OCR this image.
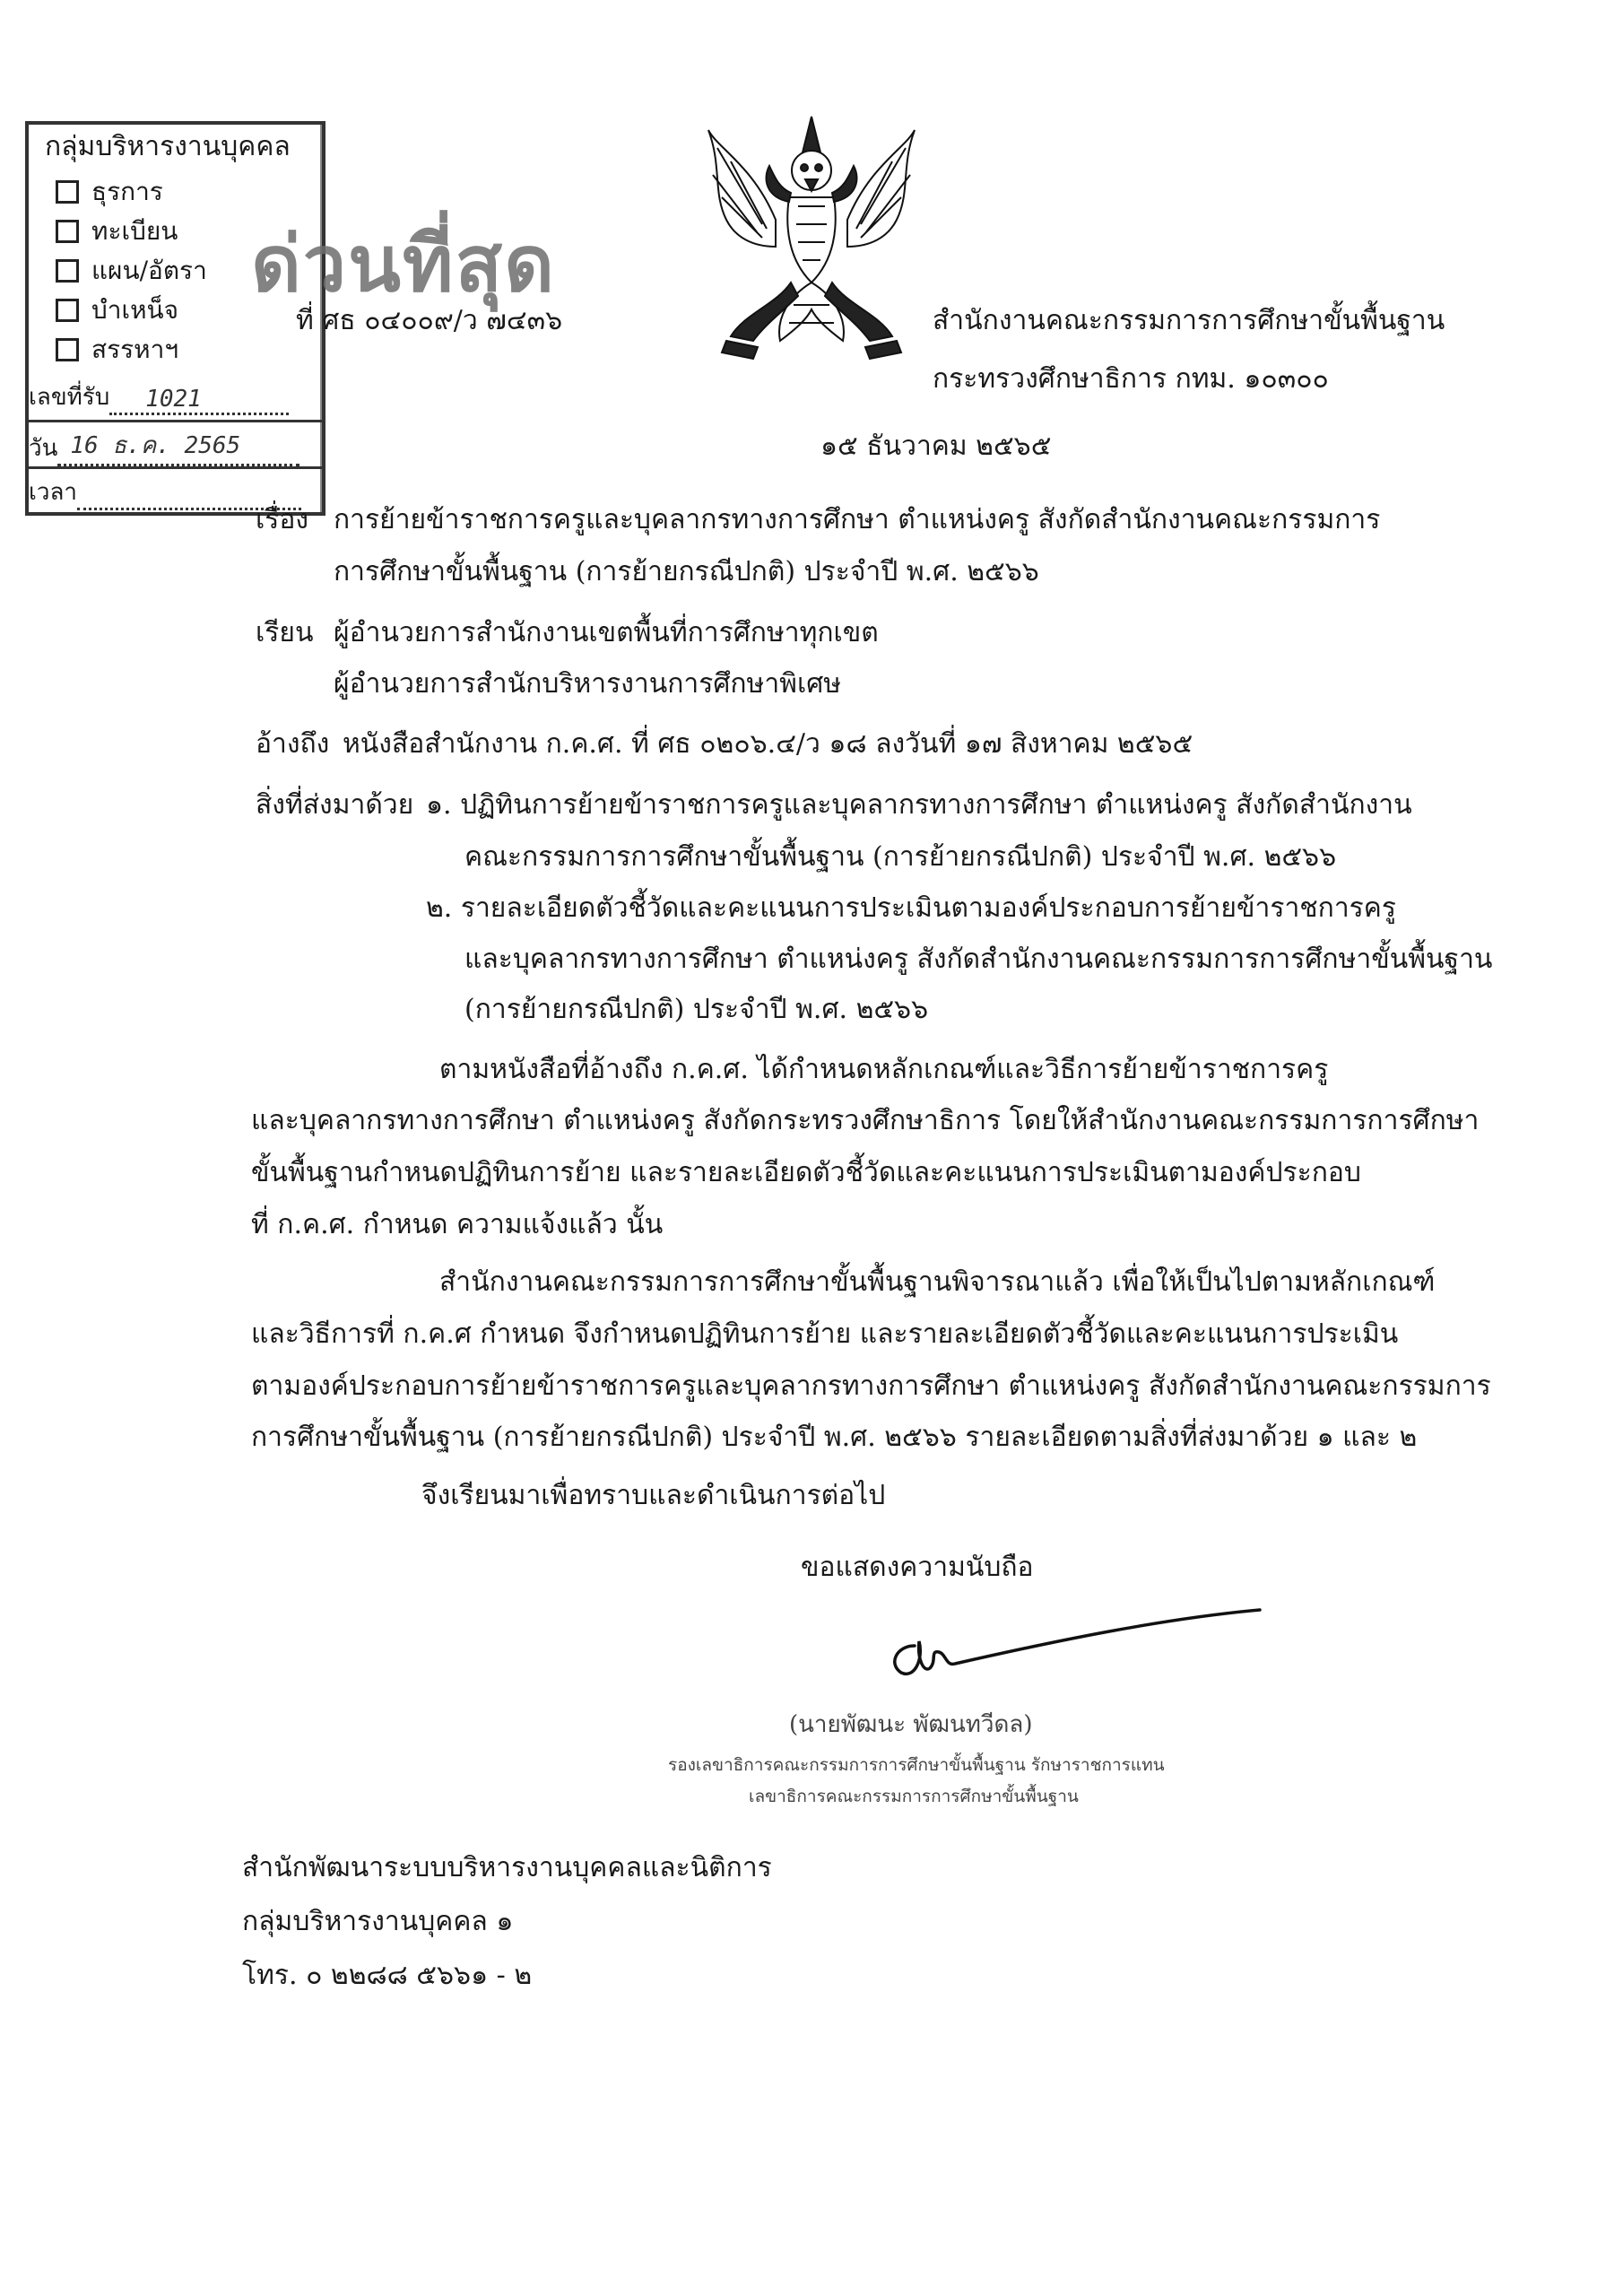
กลุ่มบริหารงานบุคคล
ธุรการ
ทะเบียน
แผน/อัตรา
บำเหน็จ
สรรหาฯ
เลขที่รับ 1021
วัน 16 ธ.ค. 2565
เวลา
ด่วนที่สุด
ที่ ศธ ๐๔๐๐๙/ว ๗๔๓๖	สำนักงานคณะกรรมการการศึกษาขั้นพื้นฐาน
กระทรวงศึกษาธิการ กทม. ๑๐๓๐๐
๑๕ ธันวาคม ๒๕๖๕
เรื่อง การย้ายข้าราชการครูและบุคลากรทางการศึกษา ตำแหน่งครู สังกัดสำนักงานคณะกรรมการ
การศึกษาขั้นพื้นฐาน (การย้ายกรณีปกติ) ประจำปี พ.ศ. ๒๕๖๖
เรียน ผู้อำนวยการสำนักงานเขตพื้นที่การศึกษาทุกเขต
ผู้อำนวยการสำนักบริหารงานการศึกษาพิเศษ
อ้างถึง หนังสือสำนักงาน ก.ค.ศ. ที่ ศธ ๐๒๐๖.๔/ว ๑๘ ลงวันที่ ๑๗ สิงหาคม ๒๕๖๕
สิ่งที่ส่งมาด้วย ๑. ปฏิทินการย้ายข้าราชการครูและบุคลากรทางการศึกษา ตำแหน่งครู สังกัดสำนักงาน
คณะกรรมการการศึกษาขั้นพื้นฐาน (การย้ายกรณีปกติ) ประจำปี พ.ศ. ๒๕๖๖
๒. รายละเอียดตัวชี้วัดและคะแนนการประเมินตามองค์ประกอบการย้ายข้าราชการครู
และบุคลากรทางการศึกษา ตำแหน่งครู สังกัดสำนักงานคณะกรรมการการศึกษาขั้นพื้นฐาน
(การย้ายกรณีปกติ) ประจำปี พ.ศ. ๒๕๖๖
ตามหนังสือที่อ้างถึง ก.ค.ศ. ได้กำหนดหลักเกณฑ์และวิธีการย้ายข้าราชการครู
และบุคลากรทางการศึกษา ตำแหน่งครู สังกัดกระทรวงศึกษาธิการ โดยให้สำนักงานคณะกรรมการการศึกษา
ขั้นพื้นฐานกำหนดปฏิทินการย้าย และรายละเอียดตัวชี้วัดและคะแนนการประเมินตามองค์ประกอบ
ที่ ก.ค.ศ. กำหนด ความแจ้งแล้ว นั้น
สำนักงานคณะกรรมการการศึกษาขั้นพื้นฐานพิจารณาแล้ว เพื่อให้เป็นไปตามหลักเกณฑ์
และวิธีการที่ ก.ค.ศ กำหนด จึงกำหนดปฏิทินการย้าย และรายละเอียดตัวชี้วัดและคะแนนการประเมิน
ตามองค์ประกอบการย้ายข้าราชการครูและบุคลากรทางการศึกษา ตำแหน่งครู สังกัดสำนักงานคณะกรรมการ
การศึกษาขั้นพื้นฐาน (การย้ายกรณีปกติ) ประจำปี พ.ศ. ๒๕๖๖ รายละเอียดตามสิ่งที่ส่งมาด้วย ๑ และ ๒
จึงเรียนมาเพื่อทราบและดำเนินการต่อไป
ขอแสดงความนับถือ
(นายพัฒนะ พัฒนทวีดล)
รองเลขาธิการคณะกรรมการการศึกษาขั้นพื้นฐาน รักษาราชการแทน
เลขาธิการคณะกรรมการการศึกษาขั้นพื้นฐาน
สำนักพัฒนาระบบบริหารงานบุคคลและนิติการ
กลุ่มบริหารงานบุคคล ๑
โทร. ๐ ๒๒๘๘ ๕๖๖๑ - ๒
